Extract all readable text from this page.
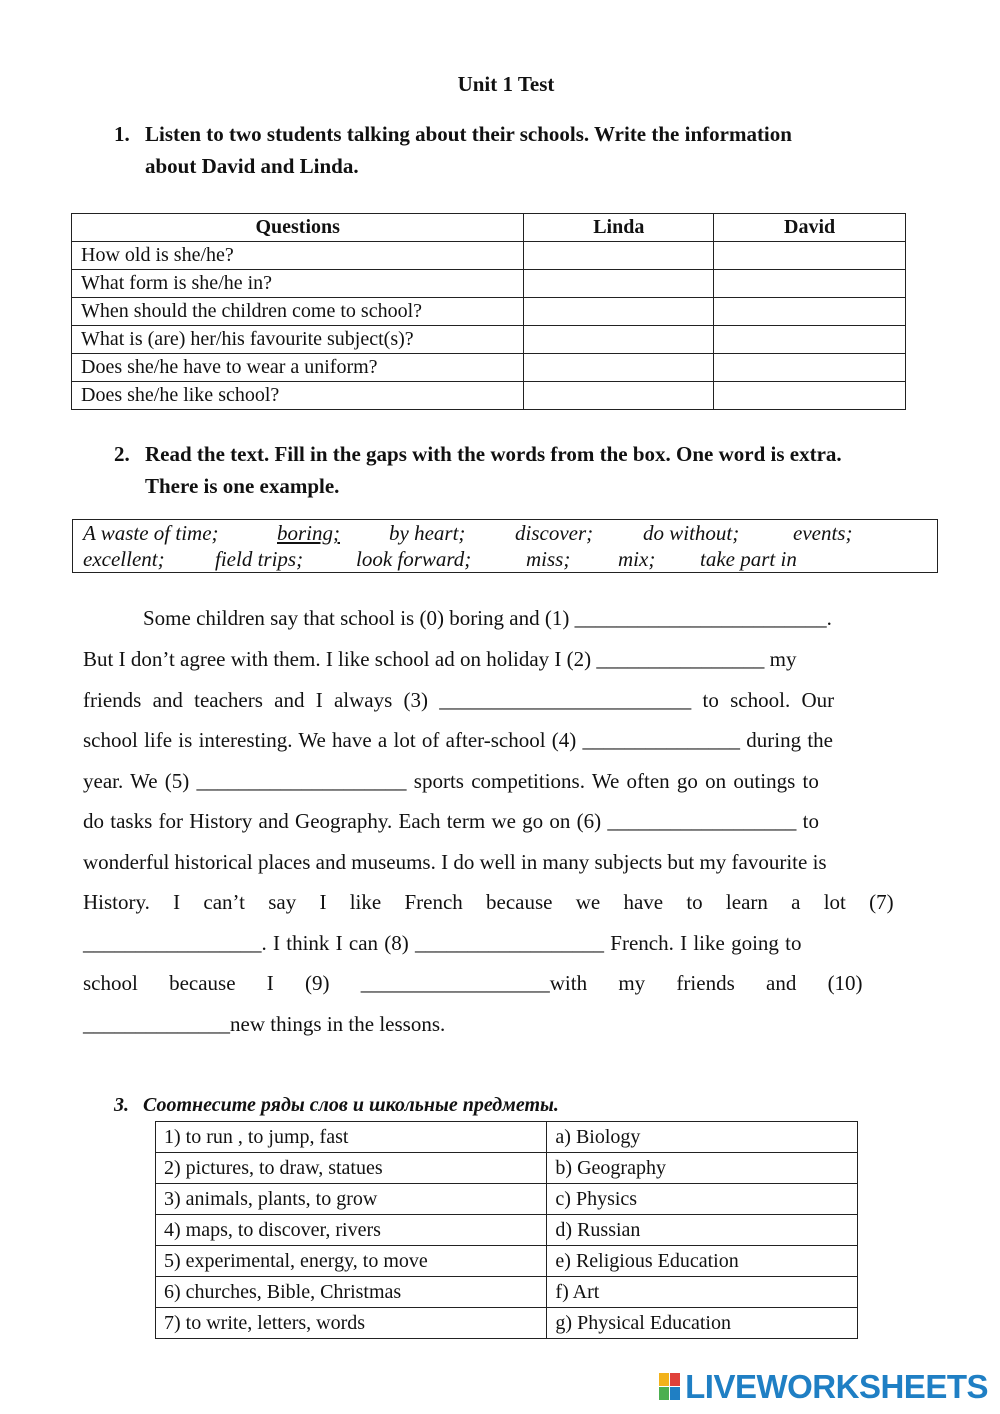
Unit 1 Test
1. Listen to two students talking about their schools. Write the information
about David and Linda.
Questions	Linda	David
How old is she/he?		
What form is she/he in?		
When should the children come to school?		
What is (are) her/his favourite subject(s)?		
Does she/he have to wear a uniform?		
Does she/he like school?		
2. Read the text. Fill in the gaps with the words from the box. One word is extra.
There is one example.
A waste of time;	boring; by heart; discover; do without;	events;
excellent; field trips;	look forward;	miss; mix; take part in
Some children say that school is (0) boring and (1) ________________________.
But I don’t agree with them. I like school ad on holiday I (2) ________________ my
friends and teachers and I always (3) ________________________ to school. Our
school life is interesting. We have a lot of after-school (4) _______________ during the
year. We (5) ____________________ sports competitions. We often go on outings to
do tasks for History and Geography. Each term we go on (6) __________________ to
wonderful historical places and museums. I do well in many subjects but my favourite is
History. I can’t say I like French because we have to learn a lot (7)
_________________. I think I can (8) __________________ French. I like going to
school because I (9) __________________with my friends and (10)
______________new things in the lessons.
3. Соотнесите ряды слов и школьные предметы.
1) to run , to jump, fast	a) Biology
2) pictures, to draw, statues	b) Geography
3) animals, plants, to grow	c) Physics
4) maps, to discover, rivers	d) Russian
5) experimental, energy, to move	e) Religious Education
6) churches, Bible, Christmas	f) Art
7) to write, letters, words	g) Physical Education
LIVEWORKSHEETS
